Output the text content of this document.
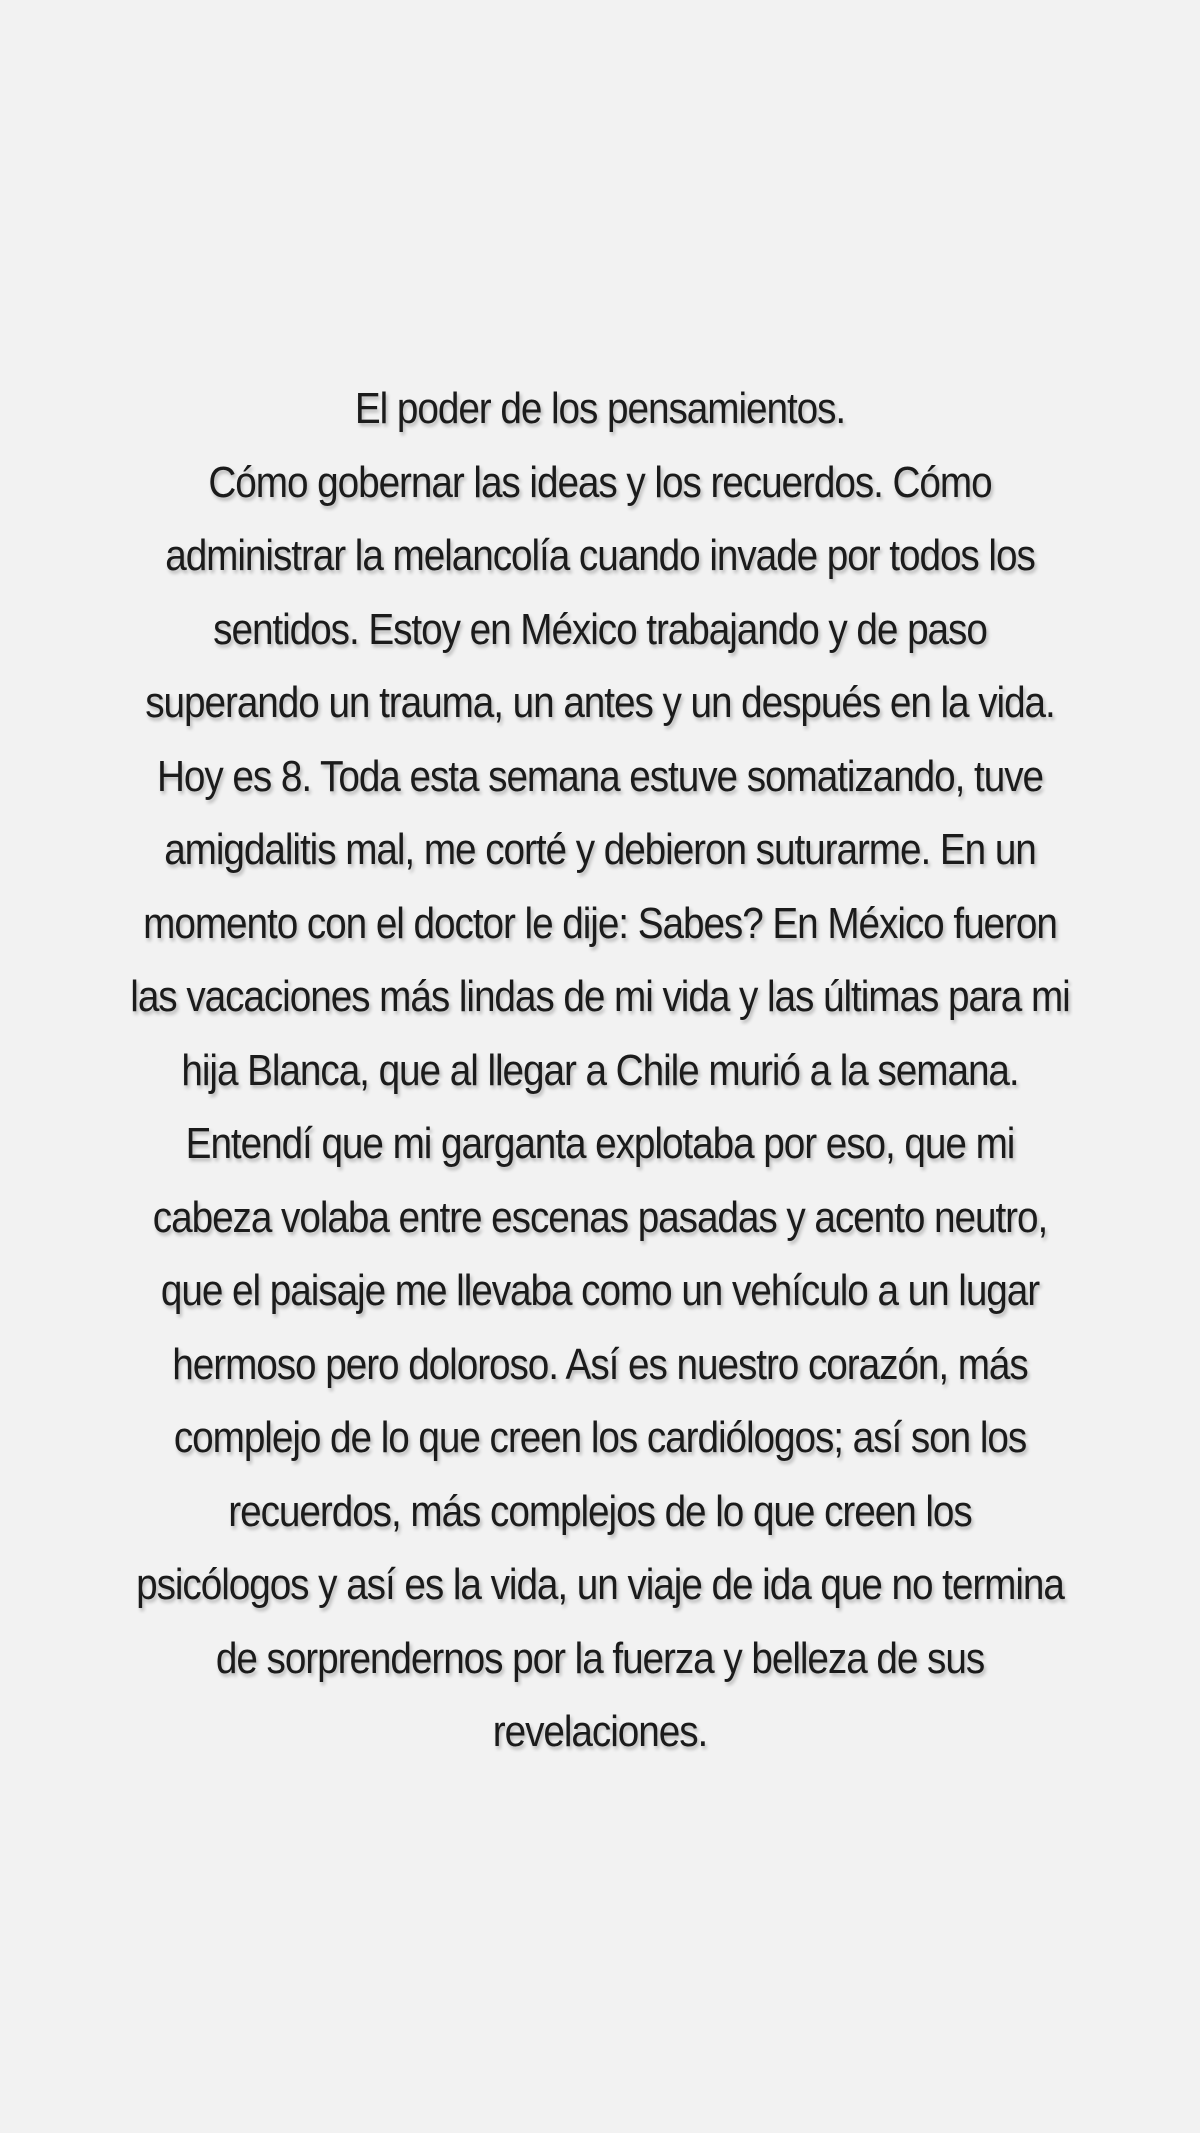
El poder de los pensamientos.
Cómo gobernar las ideas y los recuerdos. Cómo
administrar la melancolía cuando invade por todos los
sentidos. Estoy en México trabajando y de paso
superando un trauma, un antes y un después en la vida.
Hoy es 8. Toda esta semana estuve somatizando, tuve
amigdalitis mal, me corté y debieron suturarme. En un
momento con el doctor le dije: Sabes? En México fueron
las vacaciones más lindas de mi vida y las últimas para mi
hija Blanca, que al llegar a Chile murió a la semana.
Entendí que mi garganta explotaba por eso, que mi
cabeza volaba entre escenas pasadas y acento neutro,
que el paisaje me llevaba como un vehículo a un lugar
hermoso pero doloroso. Así es nuestro corazón, más
complejo de lo que creen los cardiólogos; así son los
recuerdos, más complejos de lo que creen los
psicólogos y así es la vida, un viaje de ida que no termina
de sorprendernos por la fuerza y belleza de sus
revelaciones.
